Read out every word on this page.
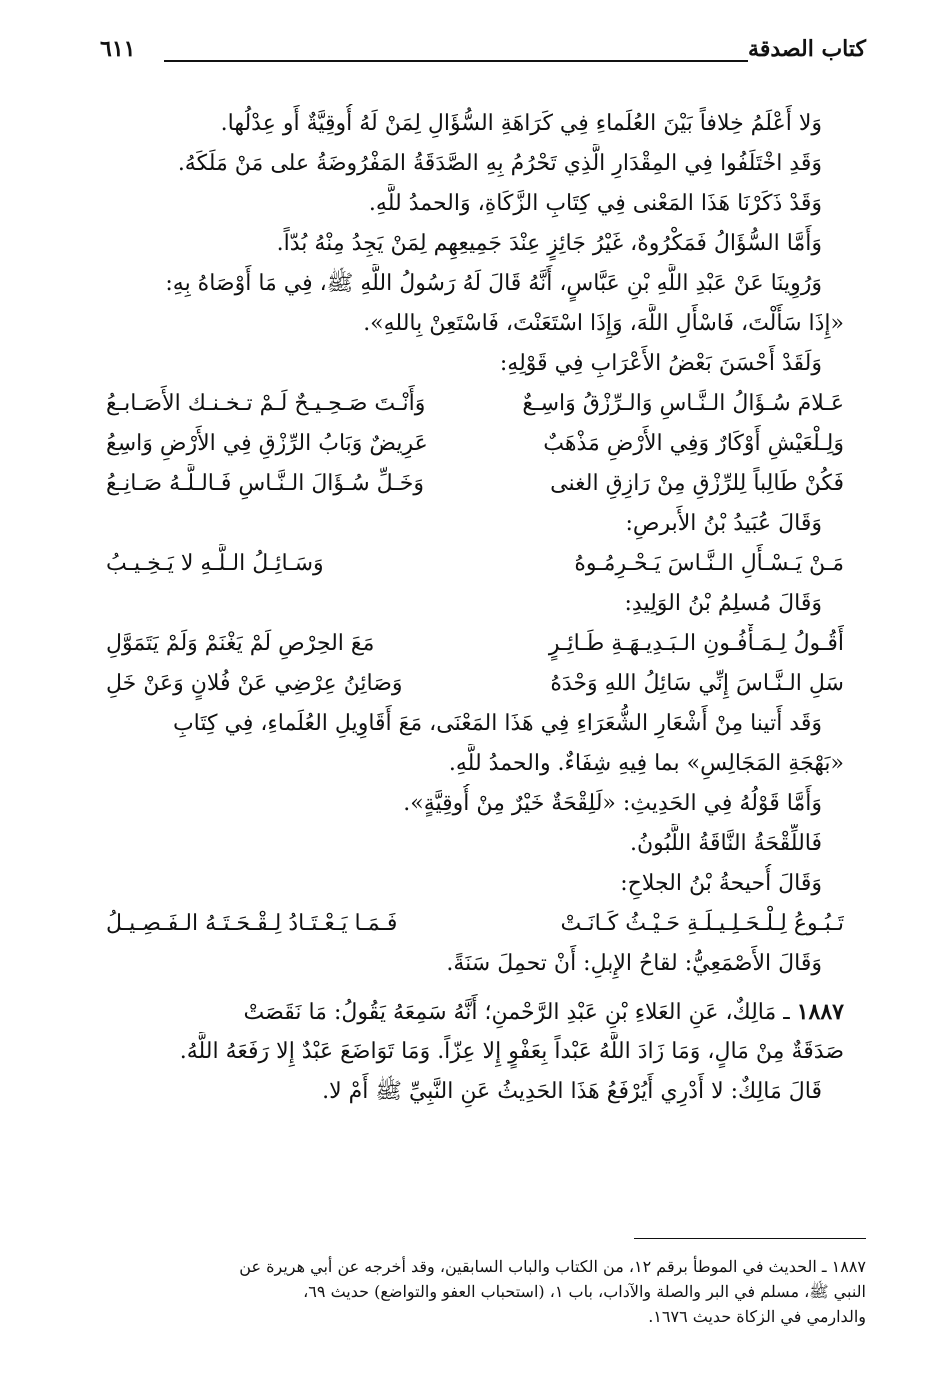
كتاب الصدقة
٦١١
وَلا أَعْلَمُ خِلافاً بَيْنَ العُلَماءِ فِي كَرَاهَةِ السُّؤَالِ لِمَنْ لَهُ أُوقِيَّةٌ أَو عِدْلُها.
وَقَدِ اخْتَلَفُوا فِي المِقْدَارِ الَّذِي تَحْرُمُ بِهِ الصَّدَقَةُ المَفْرُوضَةُ على مَنْ مَلَكَهُ.
وَقَدْ ذَكَرْنَا هَذَا المَعْنى فِي كِتَابِ الزَّكَاةِ، وَالحمدُ للَّهِ.
وَأَمَّا السُّؤَالُ فَمَكْرُوهٌ، غَيْرُ جَائِزٍ عِنْدَ جَمِيعِهِم لِمَنْ يَجِدُ مِنْهُ بُدّاً.
وَرُوِينَا عَنْ عَبْدِ اللَّهِ بْنِ عَبَّاسٍ، أَنَّهُ قَالَ لَهُ رَسُولُ اللَّهِ ﷺ، فِي مَا أَوْصَاهُ بِهِ:
«إِذَا سَأَلْتَ، فَاسْأَلِ اللَّهَ، وَإِذَا اسْتَعَنْتَ، فَاسْتَعِنْ بِاللهِ».
وَلَقَدْ أَحْسَنَ بَعْضُ الأَعْرَابِ فِي قَوْلِهِ:
عَـلامَ سُـؤَالُ الـنَّـاسِ وَالـرِّزْقُ وَاسِـعٌ
وَأَنْـتَ صَـحِـيـحٌ لَـمْ تـخـنـك الأَصَـابـعُ
وَلِـلْعَيْشِ أَوْكَارٌ وَفِي الأَرْضِ مَذْهَبٌ
عَرِيضٌ وَبَابُ الرِّزْقِ فِي الأَرْضِ وَاسِعُ
فَكُنْ طَالِباً لِلرِّزْقِ مِنْ رَازِقِ الغنى
وَخَـلِّ سُـؤَالَ الـنَّـاسِ فَـالـلَّـهُ صَـانِـعُ
وَقَالَ عُبَيدُ بْنُ الأَبرصِ:
مَـنْ يَـسْـأَلِ الـنَّـاسَ يَـحْـرِمُـوهُ
وَسَـائِـلُ الـلَّـهِ لا يَـخِـيـبُ
وَقَالَ مُسلِمُ بْنُ الوَلِيدِ:
أَقُـولُ لِـمَـأْفُـونِ الـبَـدِيـهَـةِ طَـائِـرٍ
مَعَ الحِرْصِ لَمْ يَغْنَمْ وَلَمْ يَتَمَوَّلِ
سَلِ الـنَّـاسَ إِنِّي سَائِلُ اللهِ وَحْدَهُ
وَصَائِنُ عِرْضِي عَنْ فُلانٍ وَعَنْ خَلِ
وَقَد أَتينا مِنْ أَشْعَارِ الشُّعَرَاءِ فِي هَذَا المَعْنَى، مَعَ أَقَاوِيلِ العُلَماءِ، فِي كِتَابِ
«بَهْجَةِ المَجَالِسِ» بما فِيهِ شِفَاءٌ. والحمدُ للَّهِ.
وَأَمَّا قَوْلُهُ فِي الحَدِيثِ: «لَلِقْحَةٌ خَيْرٌ مِنْ أُوقِيَّةٍ».
فَاللِّقْحَةُ النَّاقَةُ اللَّبُونُ.
وَقَالَ أُحيحةُ بْنُ الجلاحِ:
تَـبُـوعُ لِـلْـحَـلِـيـلَـةِ حَـيْـثُ كَـانَـتْ
فَـمَـا يَـعْـتَـادُ لِـقْـحَـتَـهُ الـفَـصِـيـلُ
وَقَالَ الأَصْمَعِيُّ: لقاحُ الإِبلِ: أَنْ تحمِلَ سَنَةً.
١٨٨٧ ـ مَالِكٌ، عَنِ العَلاءِ بْنِ عَبْدِ الرَّحْمنِ؛ أَنَّهُ سَمِعَهُ يَقُولُ: مَا نَقَصَتْ
صَدَقَةٌ مِنْ مَالٍ، وَمَا زَادَ اللَّهُ عَبْداً بِعَفْوٍ إِلا عِزّاً. وَمَا تَوَاضَعَ عَبْدٌ إِلا رَفَعَهُ اللَّهُ.
قَالَ مَالِكٌ: لا أَدْرِي أَيُرْفَعُ هَذَا الحَدِيثُ عَنِ النَّبِيِّ ﷺ أَمْ لا.
١٨٨٧ ـ الحديث في الموطأ برقم ١٢، من الكتاب والباب السابقين، وقد أخرجه عن أبي هريرة عن
النبي ﷺ، مسلم في البر والصلة والآداب، باب ١، (استحباب العفو والتواضع) حديث ٦٩،
والدارمي في الزكاة حديث ١٦٧٦.
